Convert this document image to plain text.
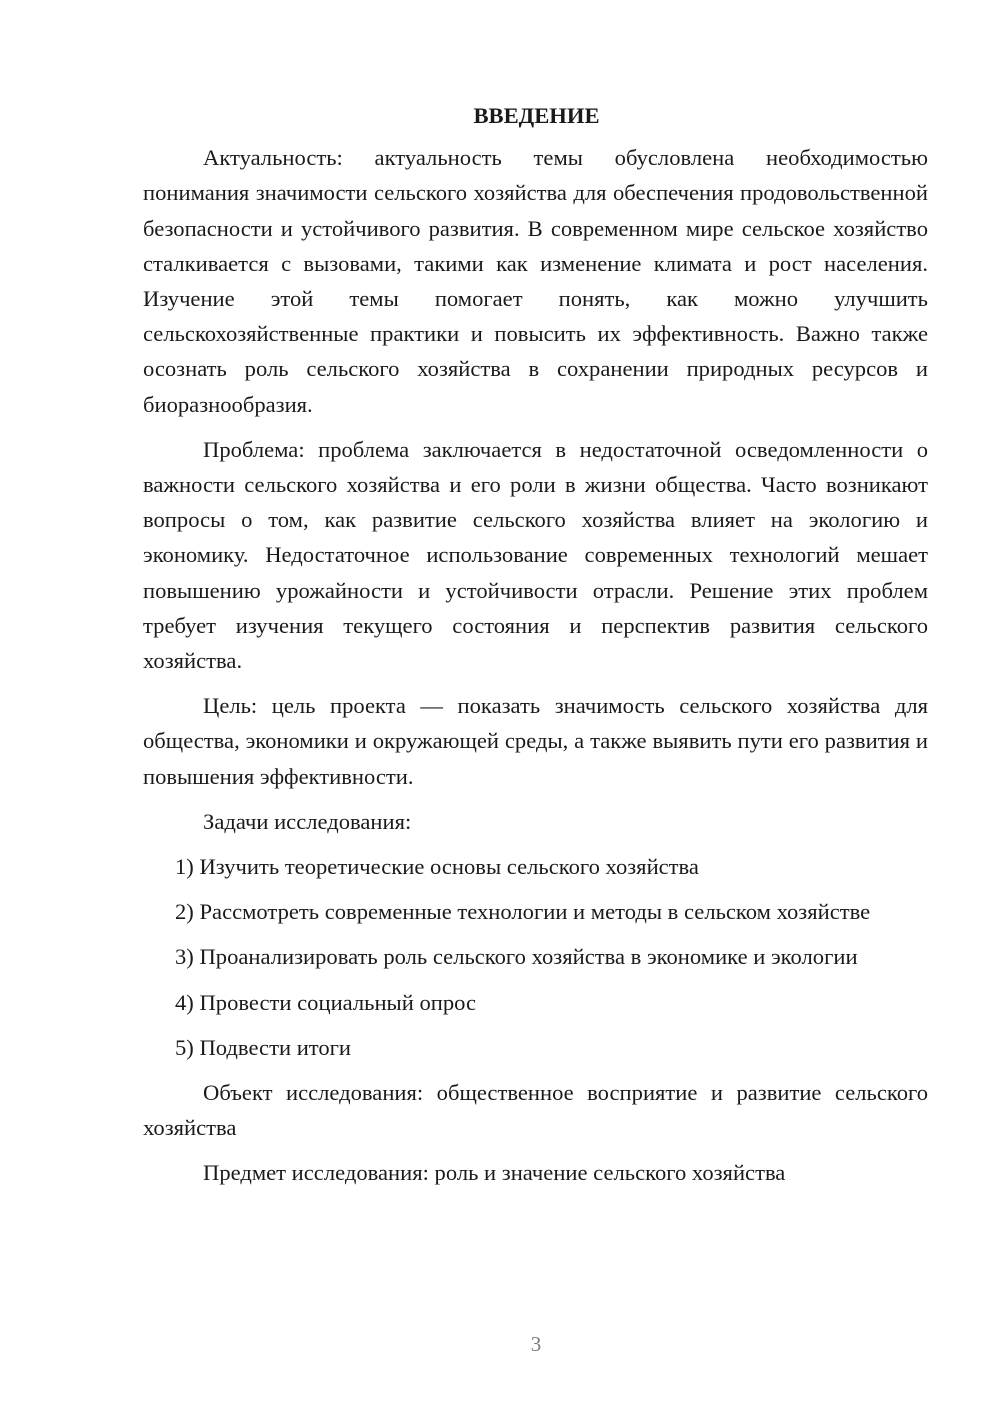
ВВЕДЕНИЕ

Актуальность: актуальность темы обусловлена необходимостью понимания значимости сельского хозяйства для обеспечения продовольственной безопасности и устойчивого развития. В современном мире сельское хозяйство сталкивается с вызовами, такими как изменение климата и рост населения. Изучение этой темы помогает понять, как можно улучшить сельскохозяйственные практики и повысить их эффективность. Важно также осознать роль сельского хозяйства в сохранении природных ресурсов и биоразнообразия.

Проблема: проблема заключается в недостаточной осведомленности о важности сельского хозяйства и его роли в жизни общества. Часто возникают вопросы о том, как развитие сельского хозяйства влияет на экологию и экономику. Недостаточное использование современных технологий мешает повышению урожайности и устойчивости отрасли. Решение этих проблем требует изучения текущего состояния и перспектив развития сельского хозяйства.

Цель: цель проекта — показать значимость сельского хозяйства для общества, экономики и окружающей среды, а также выявить пути его развития и повышения эффективности.

Задачи исследования:

1) Изучить теоретические основы сельского хозяйства

2) Рассмотреть современные технологии и методы в сельском хозяйстве

3) Проанализировать роль сельского хозяйства в экономике и экологии

4) Провести социальный опрос

5) Подвести итоги

Объект исследования: общественное восприятие и развитие сельского хозяйства

Предмет исследования: роль и значение сельского хозяйства

3
